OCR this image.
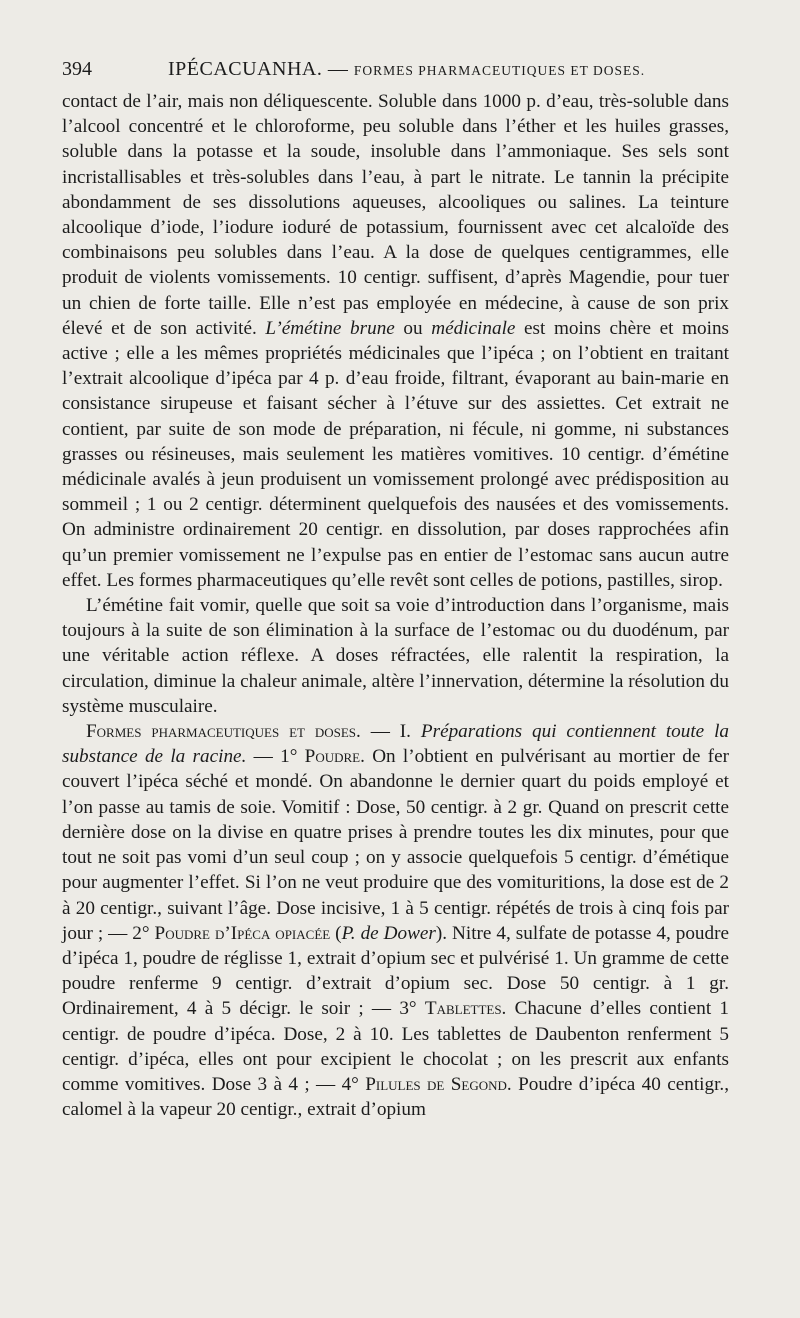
394	IPÉCACUANHA. — FORMES PHARMACEUTIQUES ET DOSES.

contact de l’air, mais non déliquescente. Soluble dans 1000 p. d’eau, très-soluble dans l’alcool concentré et le chloroforme, peu soluble dans l’éther et les huiles grasses, soluble dans la potasse et la soude, insoluble dans l’ammoniaque. Ses sels sont incristallisables et très-solubles dans l’eau, à part le nitrate. Le tannin la précipite abondamment de ses dissolutions aqueuses, alcooliques ou salines. La teinture alcoolique d’iode, l’iodure ioduré de potassium, fournissent avec cet alcaloïde des combinaisons peu solubles dans l’eau. A la dose de quelques centigrammes, elle produit de violents vomissements. 10 centigr. suffisent, d’après Magendie, pour tuer un chien de forte taille. Elle n’est pas employée en médecine, à cause de son prix élevé et de son activité. L’émétine brune ou médicinale est moins chère et moins active ; elle a les mêmes propriétés médicinales que l’ipéca ; on l’obtient en traitant l’extrait alcoolique d’ipéca par 4 p. d’eau froide, filtrant, évaporant au bain-marie en consistance sirupeuse et faisant sécher à l’étuve sur des assiettes. Cet extrait ne contient, par suite de son mode de préparation, ni fécule, ni gomme, ni substances grasses ou résineuses, mais seulement les matières vomitives. 10 centigr. d’émétine médicinale avalés à jeun produisent un vomissement prolongé avec prédisposition au sommeil ; 1 ou 2 centigr. déterminent quelquefois des nausées et des vomissements. On administre ordinairement 20 centigr. en dissolution, par doses rapprochées afin qu’un premier vomissement ne l’expulse pas en entier de l’estomac sans aucun autre effet. Les formes pharmaceutiques qu’elle revêt sont celles de potions, pastilles, sirop.

L’émétine fait vomir, quelle que soit sa voie d’introduction dans l’organisme, mais toujours à la suite de son élimination à la surface de l’estomac ou du duodénum, par une véritable action réflexe. A doses réfractées, elle ralentit la respiration, la circulation, diminue la chaleur animale, altère l’innervation, détermine la résolution du système musculaire.

Formes pharmaceutiques et doses. — I. Préparations qui contiennent toute la substance de la racine. — 1° Poudre. On l’obtient en pulvérisant au mortier de fer couvert l’ipéca séché et mondé. On abandonne le dernier quart du poids employé et l’on passe au tamis de soie. Vomitif : Dose, 50 centigr. à 2 gr. Quand on prescrit cette dernière dose on la divise en quatre prises à prendre toutes les dix minutes, pour que tout ne soit pas vomi d’un seul coup ; on y associe quelquefois 5 centigr. d’émétique pour augmenter l’effet. Si l’on ne veut produire que des vomituritions, la dose est de 2 à 20 centigr., suivant l’âge. Dose incisive, 1 à 5 centigr. répétés de trois à cinq fois par jour ; — 2° Poudre d’Ipéca opiacée (P. de Dower). Nitre 4, sulfate de potasse 4, poudre d’ipéca 1, poudre de réglisse 1, extrait d’opium sec et pulvérisé 1. Un gramme de cette poudre renferme 9 centigr. d’extrait d’opium sec. Dose 50 centigr. à 1 gr. Ordinairement, 4 à 5 décigr. le soir ; — 3° Tablettes. Chacune d’elles contient 1 centigr. de poudre d’ipéca. Dose, 2 à 10. Les tablettes de Daubenton renferment 5 centigr. d’ipéca, elles ont pour excipient le chocolat ; on les prescrit aux enfants comme vomitives. Dose 3 à 4 ; — 4° Pilules de Segond. Poudre d’ipéca 40 centigr., calomel à la vapeur 20 centigr., extrait d’opium
